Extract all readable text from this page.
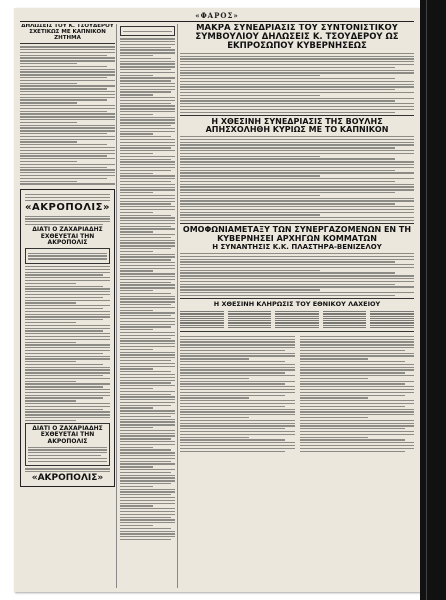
«ΦΑΡΟΣ»
ΔΗΛΩΣΕΙΣ ΤΟΥ Κ. ΤΣΟΥΔΕΡΟΥ ΣΧΕΤΙΚΩΣ ΜΕ ΚΑΠΝΙΚΟΝ ΖΗΤΗΜΑ
«ΑΚΡΟΠΟΛΙΣ»
ΔΙΑΤΙ Ο ΖΑΧΑΡΙΑΔΗΣ ΕΧΘΕΥΕΤΑΙ ΤΗΝ ΑΚΡΟΠΟΛΙΣ
ΔΙΑΤΙ Ο ΖΑΧΑΡΙΑΔΗΣ ΕΧΘΕΥΕΤΑΙ ΤΗΝ ΑΚΡΟΠΟΛΙΣ
«ΑΚΡΟΠΟΛΙΣ»
ΜΑΚΡΑ ΣΥΝΕΔΡΙΑΣΙΣ ΤΟΥ ΣΥΝΤΟΝΙΣΤΙΚΟΥ ΣΥΜΒΟΥΛΙΟΥ ΔΗΛΩΣΕΙΣ Κ. ΤΣΟΥΔΕΡΟΥ ΩΣ ΕΚΠΡΟΣΩΠΟΥ ΚΥΒΕΡΝΗΣΕΩΣ
Η ΧΘΕΣΙΝΗ ΣΥΝΕΔΡΙΑΣΙΣ ΤΗΣ ΒΟΥΛΗΣ ΑΠΗΣΧΟΛΗΘΗ ΚΥΡΙΩΣ ΜΕ ΤΟ ΚΑΠΝΙΚΟΝ
ΟΜΟΦΩΝΙΑΜΕΤΑΞΥ ΤΩΝ ΣΥΝΕΡΓΑΖΟΜΕΝΩΝ ΕΝ ΤΗ ΚΥΒΕΡΝΗΣΕΙ ΑΡΧΗΓΩΝ ΚΟΜΜΑΤΩΝ
Η ΣΥΝΑΝΤΗΣΙΣ Κ.Κ. ΠΛΑΣΤΗΡΑ-ΒΕΝΙΖΕΛΟΥ
Η ΧΘΕΣΙΝΗ ΚΛΗΡΩΣΙΣ ΤΟΥ ΕΘΝΙΚΟΥ ΛΑΧΕΙΟΥ
